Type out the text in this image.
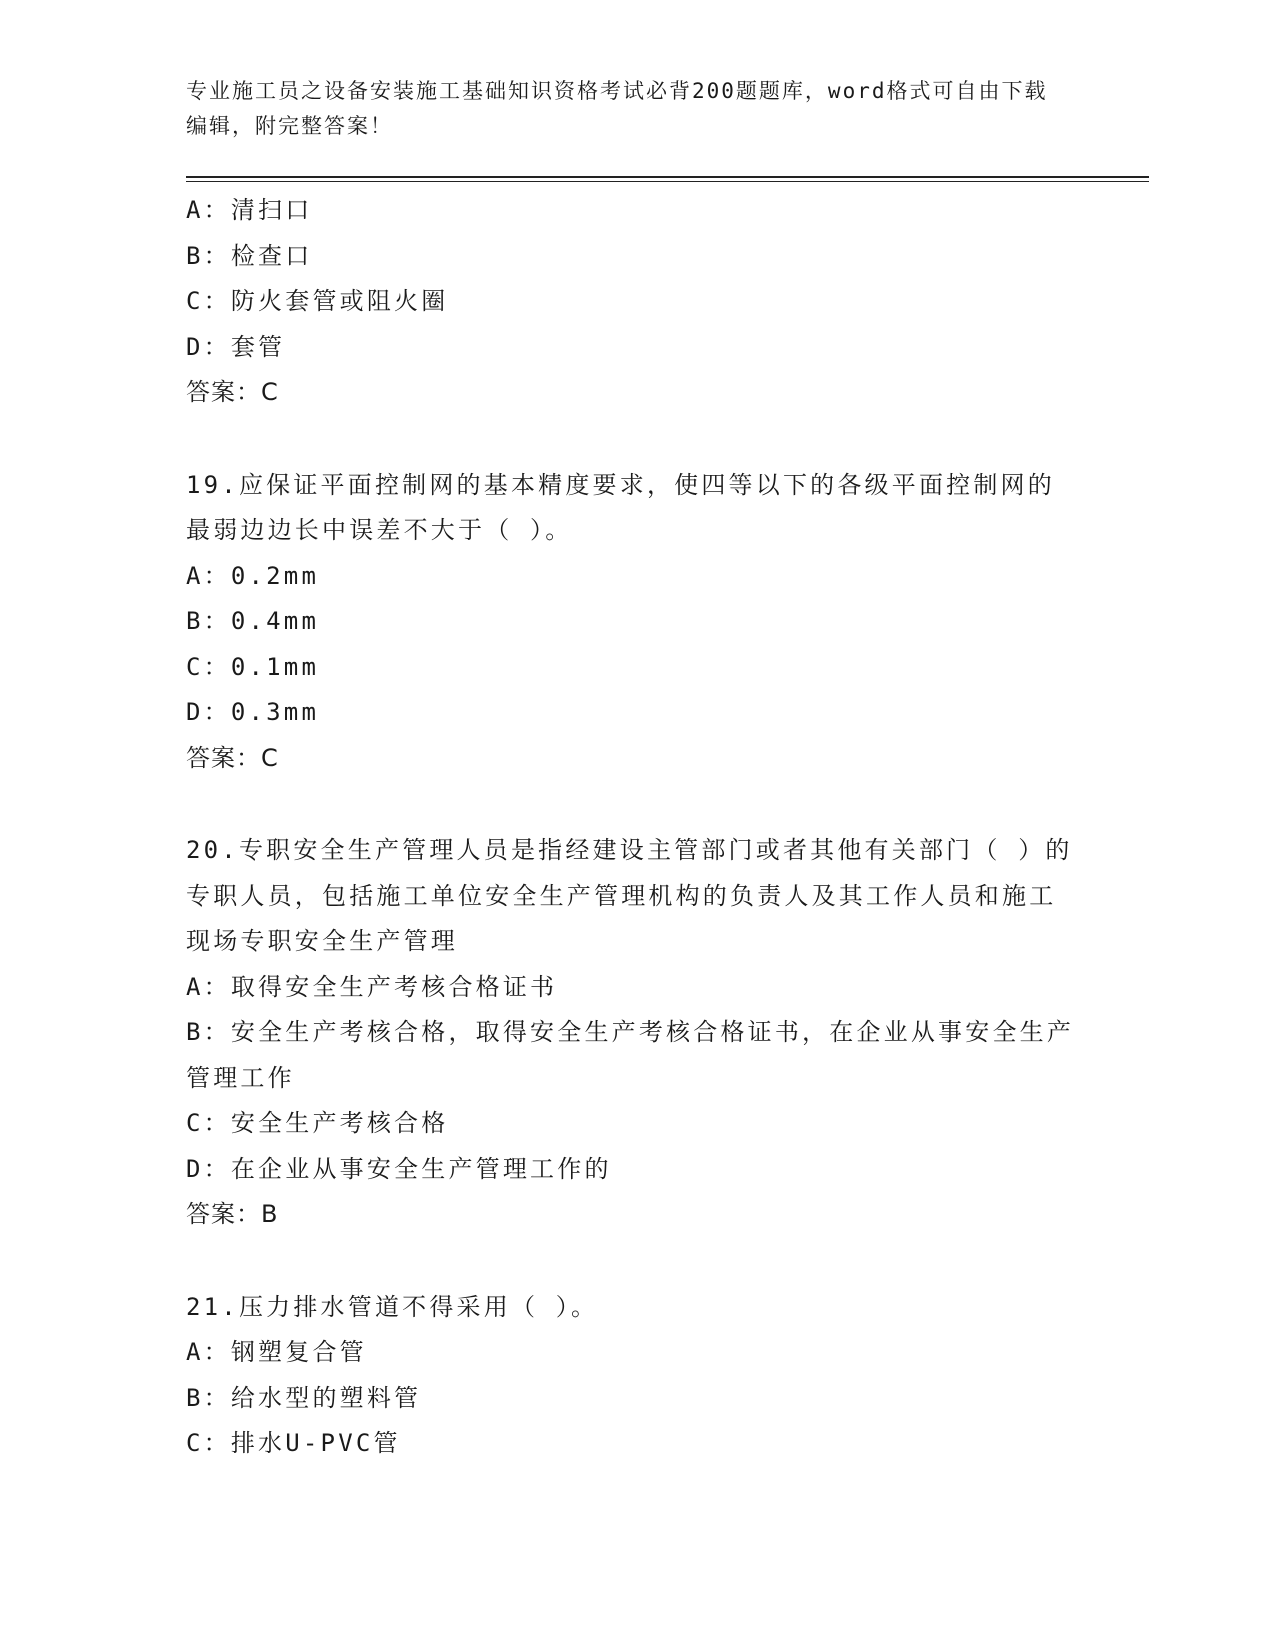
专业施工员之设备安装施工基础知识资格考试必背200题题库，word格式可自由下载编辑，附完整答案！
A：清扫口
B：检查口
C：防火套管或阻火圈
D：套管
答案：C
19.应保证平面控制网的基本精度要求，使四等以下的各级平面控制网的最弱边边长中误差不大于（ ）。
A：0.2mm
B：0.4mm
C：0.1mm
D：0.3mm
答案：C
20.专职安全生产管理人员是指经建设主管部门或者其他有关部门（ ）的专职人员，包括施工单位安全生产管理机构的负责人及其工作人员和施工现场专职安全生产管理
A：取得安全生产考核合格证书
B：安全生产考核合格，取得安全生产考核合格证书，在企业从事安全生产管理工作
C：安全生产考核合格
D：在企业从事安全生产管理工作的
答案：B
21.压力排水管道不得采用（ ）。
A：钢塑复合管
B：给水型的塑料管
C：排水U-PVC管
